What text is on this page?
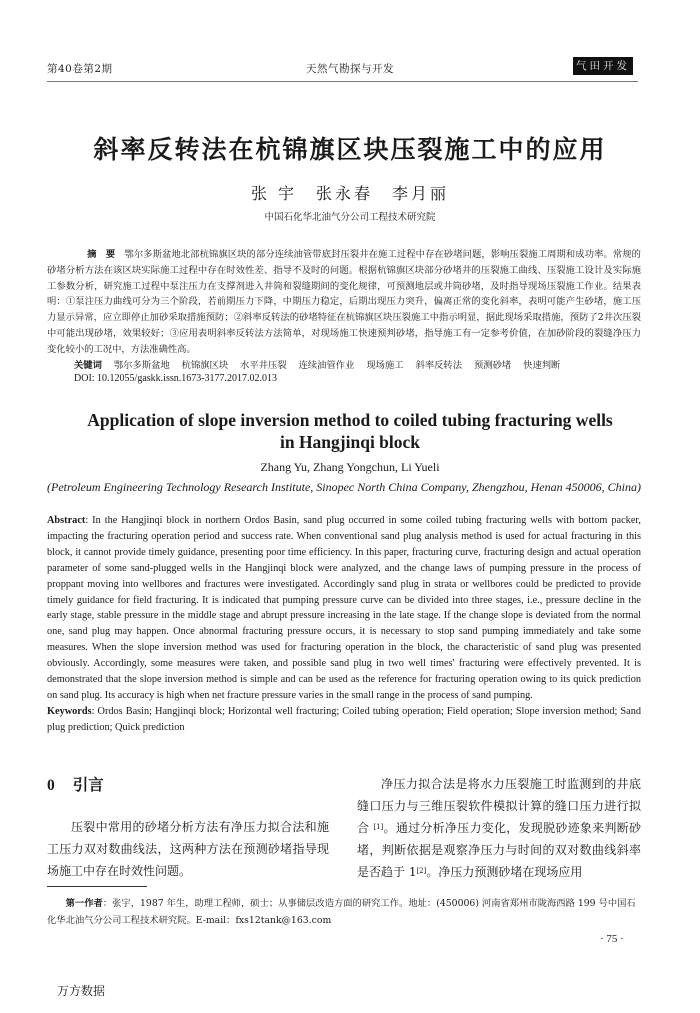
第40卷第2期	天然气勘探与开发	气田开发
斜率反转法在杭锦旗区块压裂施工中的应用
张 宇　张永春　李月丽
中国石化华北油气分公司工程技术研究院

摘　要 鄂尔多斯盆地北部杭锦旗区块的部分连续油管带底封压裂井在施工过程中存在砂堵问题，影响压裂施工周期和成功率。常规的砂堵分析方法在该区块实际施工过程中存在时效性差、指导不及时的问题。根据杭锦旗区块部分砂堵井的压裂施工曲线、压裂施工设计及实际施工参数分析，研究施工过程中泵注压力在支撑剂进入井筒和裂缝期间的变化规律，可预测地层或井筒砂堵，及时指导现场压裂施工作业。结果表明：①泵注压力曲线可分为三个阶段，若前期压力下降，中期压力稳定，后期出现压力突升，偏离正常的变化斜率，表明可能产生砂堵，施工压力显示异常，应立即停止加砂采取措施预防；②斜率反转法的砂堵特征在杭锦旗区块压裂施工中指示明显，据此现场采取措施，预防了2井次压裂中可能出现砂堵，效果较好；③应用表明斜率反转法方法简单，对现场施工快速预判砂堵，指导施工有一定参考价值，在加砂阶段的裂缝净压力变化较小的工况中，方法准确性高。

关键词 鄂尔多斯盆地 杭锦旗区块 水平井压裂 连续油管作业 现场施工 斜率反转法 预测砂堵 快速判断
DOI: 10.12055/gaskk.issn.1673-3177.2017.02.013
Application of slope inversion method to coiled tubing fracturing wells
in Hangjinqi block
Zhang Yu, Zhang Yongchun, Li Yueli
(Petroleum Engineering Technology Research Institute, Sinopec North China Company, Zhengzhou, Henan 450006, China)

Abstract: In the Hangjinqi block in northern Ordos Basin, sand plug occurred in some coiled tubing fracturing wells with bottom packer, impacting the fracturing operation period and success rate. When conventional sand plug analysis method is used for actual fracturing in this block, it cannot provide timely guidance, presenting poor time efficiency. In this paper, fracturing curve, fracturing design and actual operation parameter of some sand-plugged wells in the Hangjinqi block were analyzed, and the change laws of pumping pressure in the process of proppant moving into wellbores and fractures were investigated. Accordingly sand plug in strata or wellbores could be predicted to provide timely guidance for field fracturing. It is indicated that pumping pressure curve can be divided into three stages, i.e., pressure decline in the early stage, stable pressure in the middle stage and abrupt pressure increasing in the late stage. If the change slope is deviated from the normal one, sand plug may happen. Once abnormal fracturing pressure occurs, it is necessary to stop sand pumping immediately and take some measures. When the slope inversion method was used for fracturing operation in the block, the characteristic of sand plug was presented obviously. Accordingly, some measures were taken, and possible sand plug in two well times' fracturing were effectively prevented. It is demonstrated that the slope inversion method is simple and can be used as the reference for fracturing operation owing to its quick prediction on sand plug. Its accuracy is high when net fracture pressure varies in the small range in the process of sand pumping.

Keywords: Ordos Basin; Hangjinqi block; Horizontal well fracturing; Coiled tubing operation; Field operation; Slope inversion method; Sand plug prediction; Quick prediction

0 引言

压裂中常用的砂堵分析方法有净压力拟合法和施工压力双对数曲线法，这两种方法在预测砂堵指导现场施工中存在时效性问题。

净压力拟合法是将水力压裂施工时监测到的井底缝口压力与三维压裂软件模拟计算的缝口压力进行拟合 [1]。通过分析净压力变化，发现脱砂迹象来判断砂堵，判断依据是观察净压力与时间的双对数曲线斜率是否趋于 1[2]。净压力预测砂堵在现场应用

第一作者：张宇，1987 年生，助理工程师，硕士；从事储层改造方面的研究工作。地址：(450006) 河南省郑州市陇海西路 199 号中国石化华北油气分公司工程技术研究院。E-mail：fxs12tank@163.com

· 75 ·
万方数据
